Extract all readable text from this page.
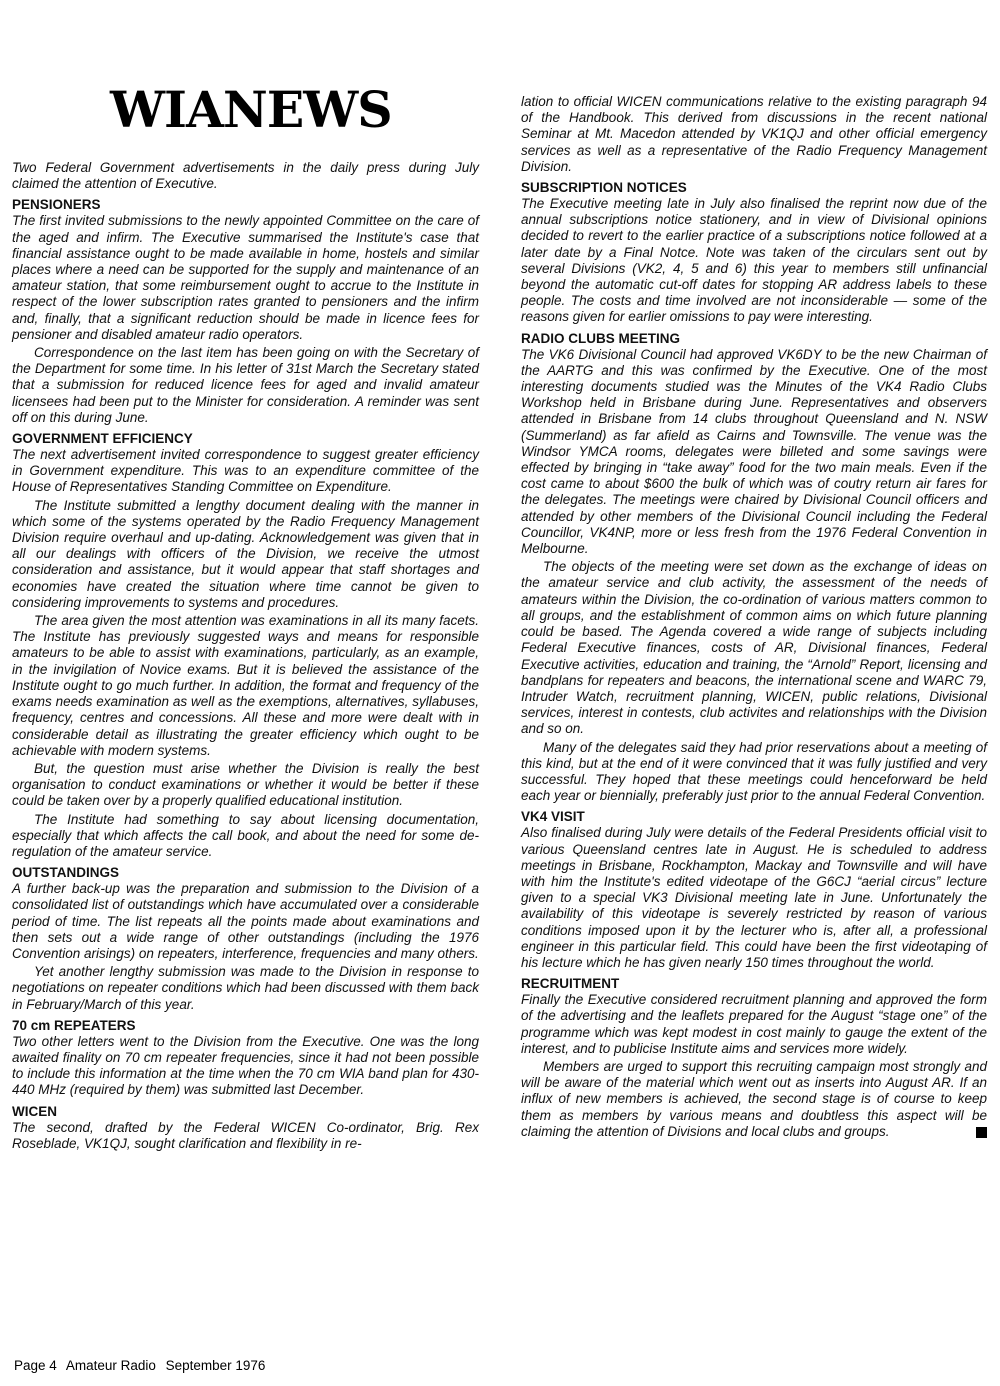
WIANEWS

Two Federal Government advertisements in the daily press during July claimed the attention of Executive.

PENSIONERS

The first invited submissions to the newly appointed Committee on the care of the aged and infirm. The Executive summarised the Institute's case that financial assistance ought to be made available in home, hostels and similar places where a need can be supported for the supply and maintenance of an amateur station, that some reimbursement ought to accrue to the Institute in respect of the lower subscription rates granted to pensioners and the infirm and, finally, that a significant reduction should be made in licence fees for pensioner and disabled amateur radio operators.

Correspondence on the last item has been going on with the Secretary of the Department for some time. In his letter of 31st March the Secretary stated that a submission for reduced licence fees for aged and invalid amateur licensees had been put to the Minister for consideration. A reminder was sent off on this during June.

GOVERNMENT EFFICIENCY

The next advertisement invited correspondence to suggest greater efficiency in Government expenditure. This was to an expenditure committee of the House of Representatives Standing Committee on Expenditure.

The Institute submitted a lengthy document dealing with the manner in which some of the systems operated by the Radio Frequency Management Division require overhaul and up-dating. Acknowledgement was given that in all our dealings with officers of the Division, we receive the utmost consideration and assistance, but it would appear that staff shortages and economies have created the situation where time cannot be given to considering improvements to systems and procedures.

The area given the most attention was examinations in all its many facets. The Institute has previously suggested ways and means for responsible amateurs to be able to assist with examinations, particularly, as an example, in the invigilation of Novice exams. But it is believed the assistance of the Institute ought to go much further. In addition, the format and frequency of the exams needs examination as well as the exemptions, alternatives, syllabuses, frequency, centres and concessions. All these and more were dealt with in considerable detail as illustrating the greater efficiency which ought to be achievable with modern systems.

But, the question must arise whether the Division is really the best organisation to conduct examinations or whether it would be better if these could be taken over by a properly qualified educational institution.

The Institute had something to say about licensing documentation, especially that which affects the call book, and about the need for some de-regulation of the amateur service.

OUTSTANDINGS

A further back-up was the preparation and submission to the Division of a consolidated list of outstandings which have accumulated over a considerable period of time. The list repeats all the points made about examinations and then sets out a wide range of other outstandings (including the 1976 Convention arisings) on repeaters, interference, frequencies and many others.

Yet another lengthy submission was made to the Division in response to negotiations on repeater conditions which had been discussed with them back in February/March of this year.

70 cm REPEATERS

Two other letters went to the Division from the Executive. One was the long awaited finality on 70 cm repeater frequencies, since it had not been possible to include this information at the time when the 70 cm WIA band plan for 430-440 MHz (required by them) was submitted last December.

WICEN

The second, drafted by the Federal WICEN Co-ordinator, Brig. Rex Roseblade, VK1QJ, sought clarification and flexibility in re-

lation to official WICEN communications relative to the existing paragraph 94 of the Handbook. This derived from discussions in the recent national Seminar at Mt. Macedon attended by VK1QJ and other official emergency services as well as a representative of the Radio Frequency Management Division.

SUBSCRIPTION NOTICES

The Executive meeting late in July also finalised the reprint now due of the annual subscriptions notice stationery, and in view of Divisional opinions decided to revert to the earlier practice of a subscriptions notice followed at a later date by a Final Notce. Note was taken of the circulars sent out by several Divisions (VK2, 4, 5 and 6) this year to members still unfinancial beyond the automatic cut-off dates for stopping AR address labels to these people. The costs and time involved are not inconsiderable — some of the reasons given for earlier omissions to pay were interesting.

RADIO CLUBS MEETING

The VK6 Divisional Council had approved VK6DY to be the new Chairman of the AARTG and this was confirmed by the Executive. One of the most interesting documents studied was the Minutes of the VK4 Radio Clubs Workshop held in Brisbane during June. Representatives and observers attended in Brisbane from 14 clubs throughout Queensland and N. NSW (Summerland) as far afield as Cairns and Townsville. The venue was the Windsor YMCA rooms, delegates were billeted and some savings were effected by bringing in “take away” food for the two main meals. Even if the cost came to about $600 the bulk of which was of coutry return air fares for the delegates. The meetings were chaired by Divisional Council officers and attended by other members of the Divisional Council including the Federal Councillor, VK4NP, more or less fresh from the 1976 Federal Convention in Melbourne.

The objects of the meeting were set down as the exchange of ideas on the amateur service and club activity, the assessment of the needs of amateurs within the Division, the co-ordination of various matters common to all groups, and the establishment of common aims on which future planning could be based. The Agenda covered a wide range of subjects including Federal Executive finances, costs of AR, Divisional finances, Federal Executive activities, education and training, the “Arnold” Report, licensing and bandplans for repeaters and beacons, the international scene and WARC 79, Intruder Watch, recruitment planning, WICEN, public relations, Divisional services, interest in contests, club activites and relationships with the Division and so on.

Many of the delegates said they had prior reservations about a meeting of this kind, but at the end of it were convinced that it was fully justified and very successful. They hoped that these meetings could henceforward be held each year or biennially, preferably just prior to the annual Federal Convention.

VK4 VISIT

Also finalised during July were details of the Federal Presidents official visit to various Queensland centres late in August. He is scheduled to address meetings in Brisbane, Rockhampton, Mackay and Townsville and will have with him the Institute's edited videotape of the G6CJ “aerial circus” lecture given to a special VK3 Divisional meeting late in June. Unfortunately the availability of this videotape is severely restricted by reason of various conditions imposed upon it by the lecturer who is, after all, a professional engineer in this particular field. This could have been the first videotaping of his lecture which he has given nearly 150 times throughout the world.

RECRUITMENT

Finally the Executive considered recruitment planning and approved the form of the advertising and the leaflets prepared for the August “stage one” of the programme which was kept modest in cost mainly to gauge the extent of the interest, and to publicise Institute aims and services more widely.

Members are urged to support this recruiting campaign most strongly and will be aware of the material which went out as inserts into August AR. If an influx of new members is achieved, the second stage is of course to keep them as members by various means and doubtless this aspect will be claiming the attention of Divisions and local clubs and groups.

Page 4 Amateur Radio September 1976
